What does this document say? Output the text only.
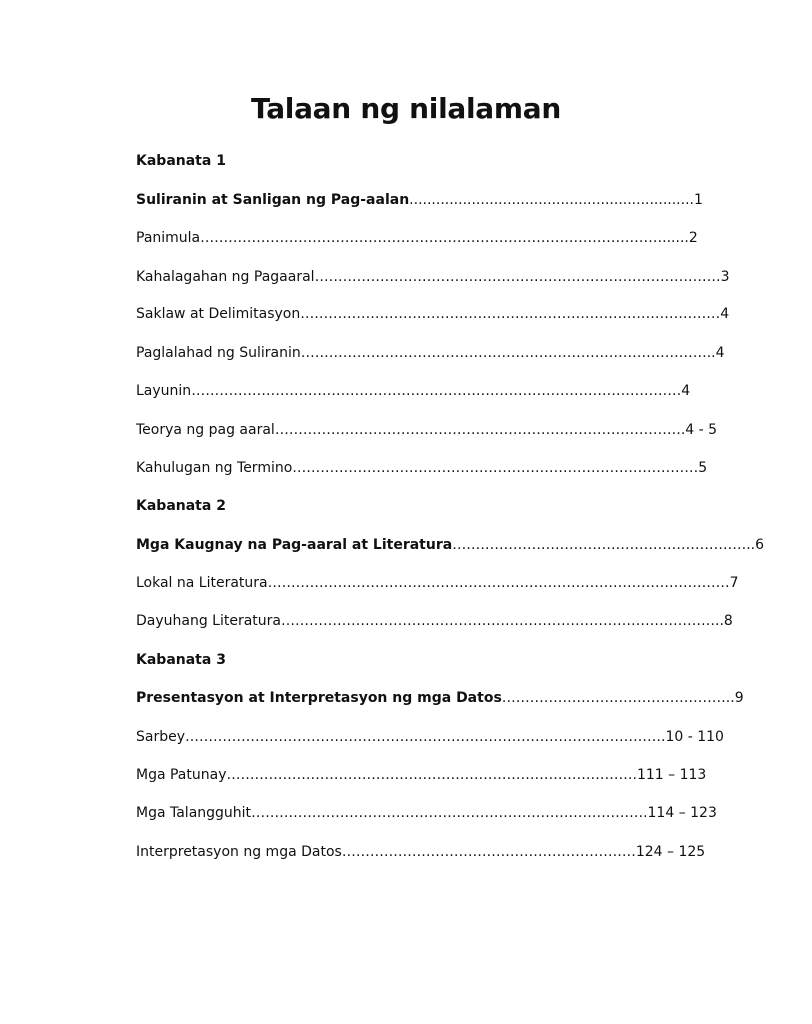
Talaan ng nilalaman
Kabanata 1
Suliranin at Sanligan ng Pag-aalan................................................................1
Panimula………………………………………………………………………………………......2
Kahalagahan ng Pagaaral……………………………………………………………………………3
Saklaw at Delimitasyon………………………………………………………………………………4
Paglalahad ng Suliranin……………………………………………………………………………..4
Layunin……………………………………………………………………………………………4
Teorya ng pag aaral…………………………………………………………………………….4 - 5
Kahulugan ng Termino……………………………………………………………………………5
Kabanata 2
Mga Kaugnay na Pag-aaral at Literatura………………………………………………………..6
Lokal na Literatura………………………………………………………………………………………7
Dayuhang Literatura…………………………………………………………………………………..8
Kabanata 3
Presentasyon at Interpretasyon ng mga Datos…………………………………………..9
Sarbey………………………………………………………………………………………….10 - 110
Mga Patunay…………………………………………………………………………….111 – 113
Mga Talangguhit………………………………………………………………………….114 – 123
Interpretasyon ng mga Datos………………………………………………………124 – 125
